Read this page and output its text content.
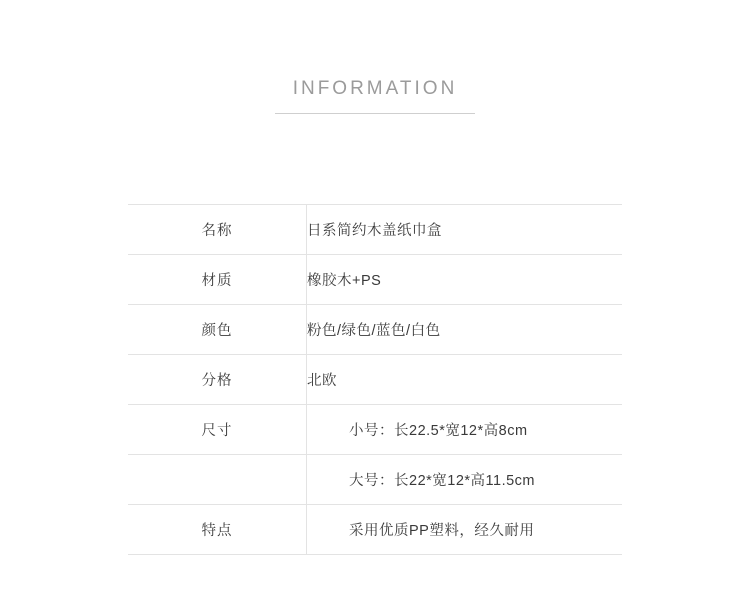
INFORMATION
名称	日系简约木盖纸巾盒
材质	橡胶木+PS
颜色	粉色/绿色/蓝色/白色
分格	北欧
尺寸	小号：长22.5*宽12*高8cm
	大号：长22*宽12*高11.5cm
特点	采用优质PP塑料，经久耐用
